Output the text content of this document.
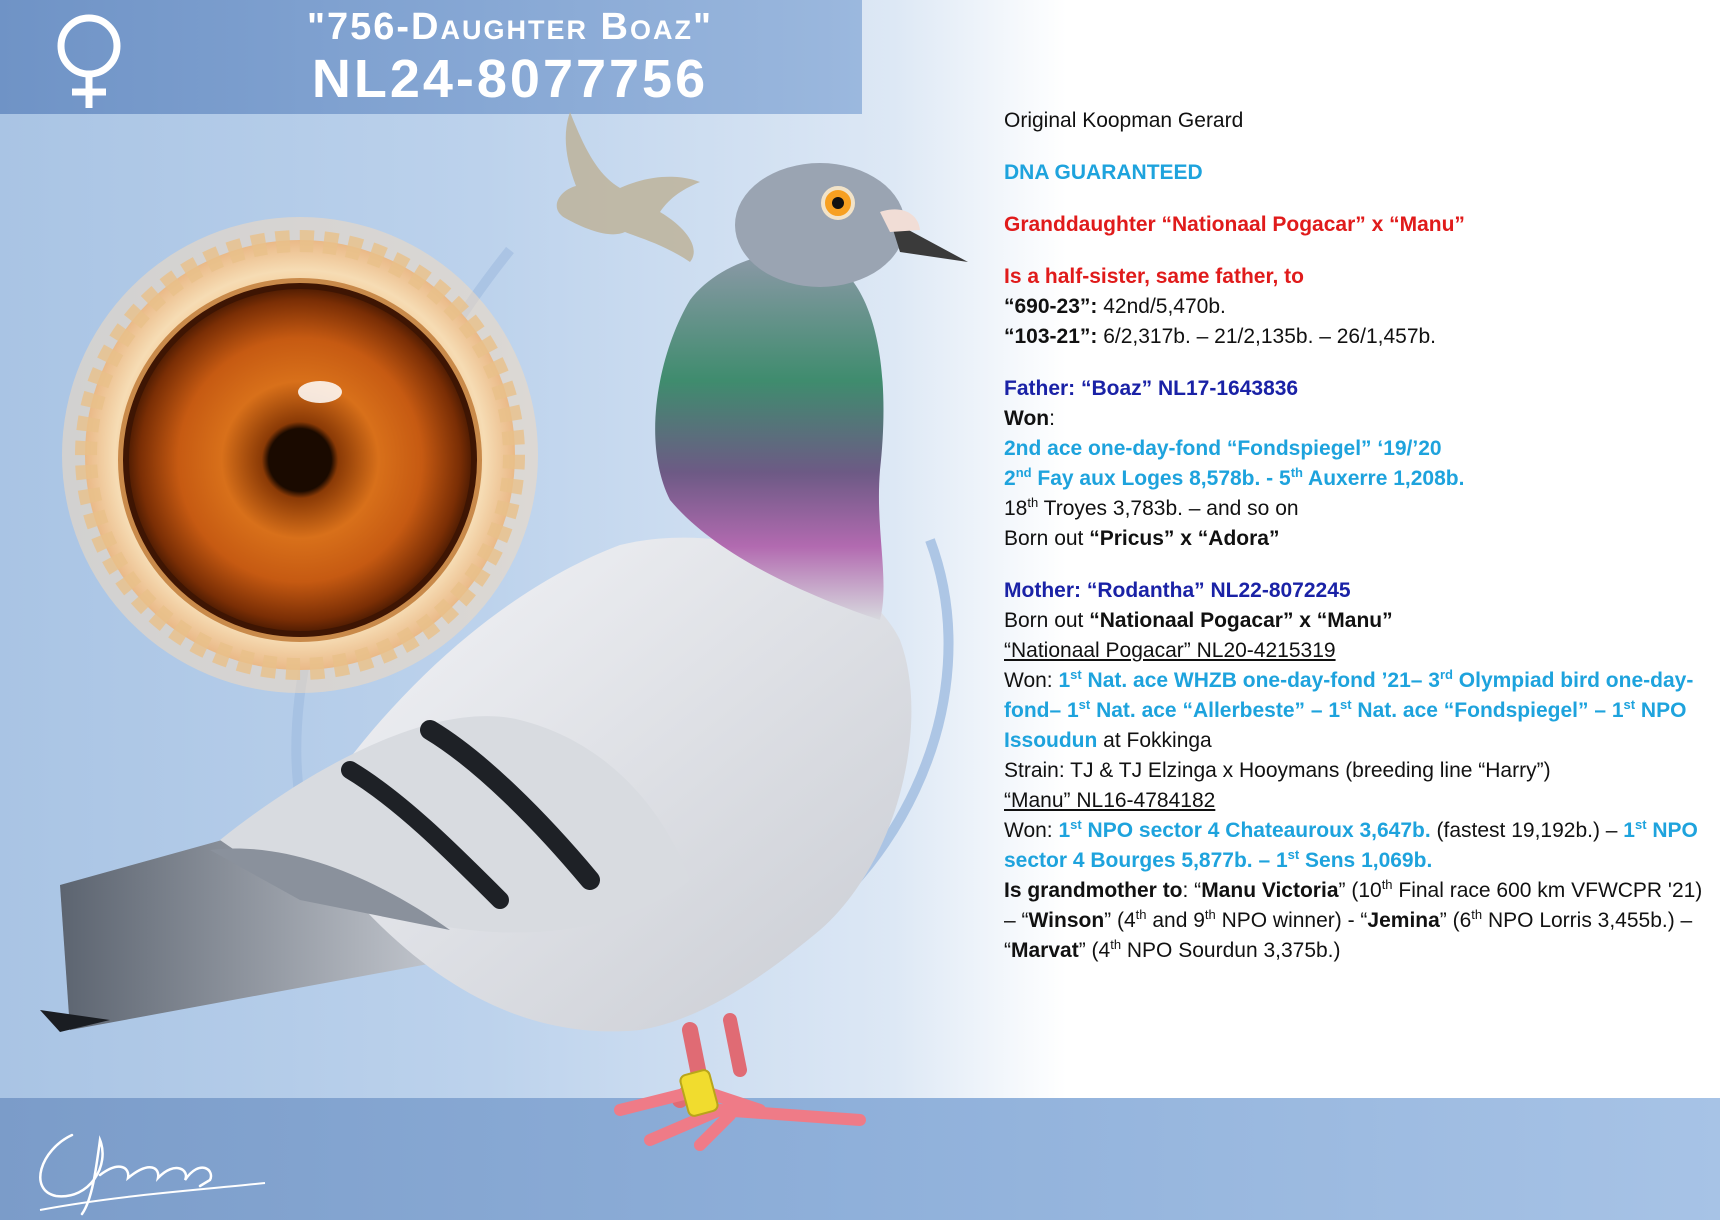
"756-Daughter Boaz"
NL24-8077756

Original Koopman Gerard

DNA GUARANTEED

Granddaughter “Nationaal Pogacar” x “Manu”

Is a half-sister, same father, to

“690-23”: 42nd/5,470b.

“103-21”: 6/2,317b. – 21/2,135b. – 26/1,457b.

Father: “Boaz” NL17-1643836

Won:

2nd ace one-day-fond “Fondspiegel” ‘19/’20

2nd Fay aux Loges 8,578b. - 5th Auxerre 1,208b.

18th Troyes 3,783b. – and so on

Born out “Pricus” x “Adora”

Mother: “Rodantha” NL22-8072245

Born out “Nationaal Pogacar” x “Manu”

“Nationaal Pogacar” NL20-4215319

Won: 1st Nat. ace WHZB one-day-fond ’21– 3rd Olympiad bird one-day-fond– 1st Nat. ace “Allerbeste” – 1st Nat. ace “Fondspiegel” – 1st NPO Issoudun at Fokkinga

Strain: TJ & TJ Elzinga x Hooymans (breeding line “Harry”)

“Manu” NL16-4784182

Won: 1st NPO sector 4 Chateauroux 3,647b. (fastest 19,192b.) – 1st NPO sector 4 Bourges 5,877b. – 1st Sens 1,069b.

Is grandmother to: “Manu Victoria” (10th Final race 600 km VFWCPR '21) – “Winson” (4th and 9th NPO winner) - “Jemina” (6th NPO Lorris 3,455b.) – “Marvat” (4th NPO Sourdun 3,375b.)
